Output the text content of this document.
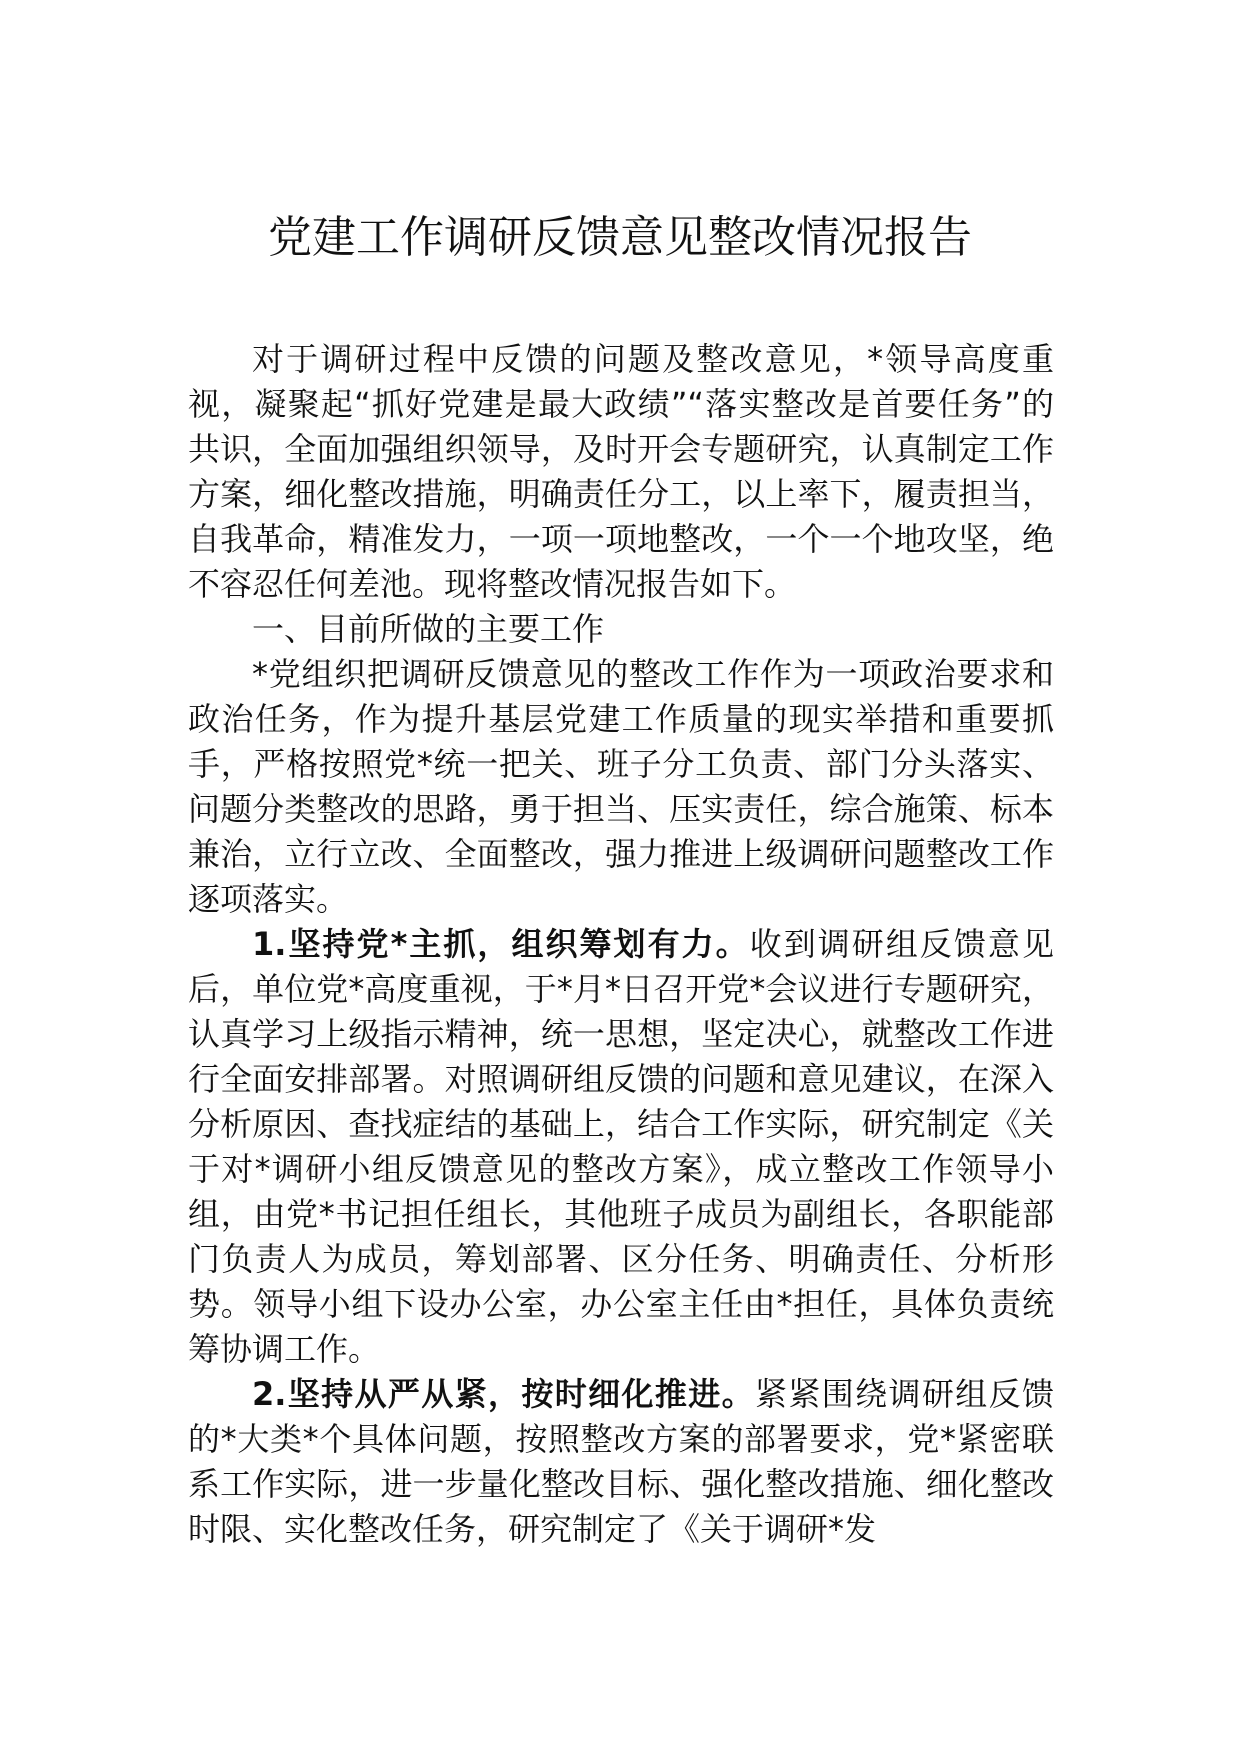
党建工作调研反馈意见整改情况报告

对于调研过程中反馈的问题及整改意见，*领导高度重视，凝聚起“抓好党建是最大政绩”“落实整改是首要任务”的共识，全面加强组织领导，及时开会专题研究，认真制定工作方案，细化整改措施，明确责任分工，以上率下，履责担当，自我革命，精准发力，一项一项地整改，一个一个地攻坚，绝不容忍任何差池。现将整改情况报告如下。

一、目前所做的主要工作

*党组织把调研反馈意见的整改工作作为一项政治要求和政治任务，作为提升基层党建工作质量的现实举措和重要抓手，严格按照党*统一把关、班子分工负责、部门分头落实、问题分类整改的思路，勇于担当、压实责任，综合施策、标本兼治，立行立改、全面整改，强力推进上级调研问题整改工作逐项落实。

1.坚持党*主抓，组织筹划有力。收到调研组反馈意见后，单位党*高度重视，于*月*日召开党*会议进行专题研究，认真学习上级指示精神，统一思想，坚定决心，就整改工作进行全面安排部署。对照调研组反馈的问题和意见建议，在深入分析原因、查找症结的基础上，结合工作实际，研究制定《关于对*调研小组反馈意见的整改方案》，成立整改工作领导小组，由党*书记担任组长，其他班子成员为副组长，各职能部门负责人为成员，筹划部署、区分任务、明确责任、分析形势。领导小组下设办公室，办公室主任由*担任，具体负责统筹协调工作。

2.坚持从严从紧，按时细化推进。紧紧围绕调研组反馈的*大类*个具体问题，按照整改方案的部署要求，党*紧密联系工作实际，进一步量化整改目标、强化整改措施、细化整改时限、实化整改任务，研究制定了《关于调研*发
